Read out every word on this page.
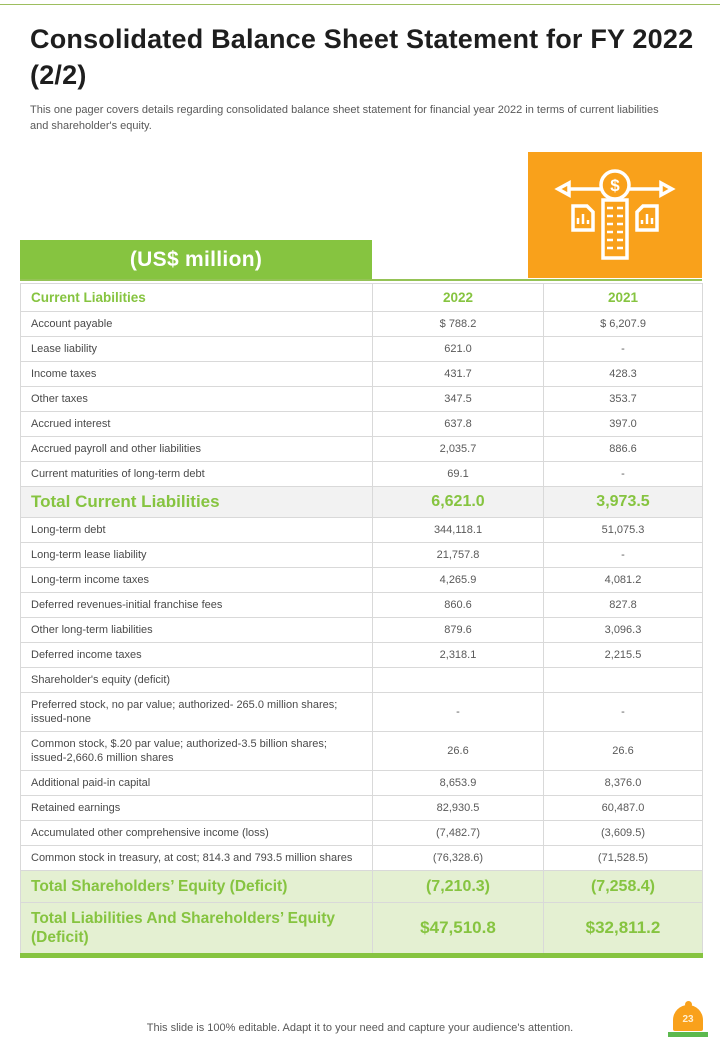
Consolidated Balance Sheet Statement for FY 2022 (2/2)

This one pager covers details regarding consolidated balance sheet statement for financial year 2022 in terms of current liabilities and shareholder's equity.

$
(US$ million)
Current Liabilities	2022	2021
Account payable	$ 788.2	$ 6,207.9
Lease liability	621.0	-
Income taxes	431.7	428.3
Other taxes	347.5	353.7
Accrued interest	637.8	397.0
Accrued payroll and other liabilities	2,035.7	886.6
Current maturities of long-term debt	69.1	-
Total Current Liabilities	6,621.0	3,973.5
Long-term debt	344,118.1	51,075.3
Long-term lease liability	21,757.8	-
Long-term income taxes	4,265.9	4,081.2
Deferred revenues-initial franchise fees	860.6	827.8
Other long-term liabilities	879.6	3,096.3
Deferred income taxes	2,318.1	2,215.5
Shareholder's equity (deficit)		
Preferred stock, no par value; authorized- 265.0 million shares; issued-none	-	-
Common stock, $.20 par value; authorized-3.5 billion shares; issued-2,660.6 million shares	26.6	26.6
Additional paid-in capital	8,653.9	8,376.0
Retained earnings	82,930.5	60,487.0
Accumulated other comprehensive income (loss)	(7,482.7)	(3,609.5)
Common stock in treasury, at cost; 814.3 and 793.5 million shares	(76,328.6)	(71,528.5)
Total Shareholders’ Equity (Deficit)	(7,210.3)	(7,258.4)
Total Liabilities And Shareholders’ Equity (Deficit)	$47,510.8	$32,811.2
This slide is 100% editable. Adapt it to your need and capture your audience's attention.
23
